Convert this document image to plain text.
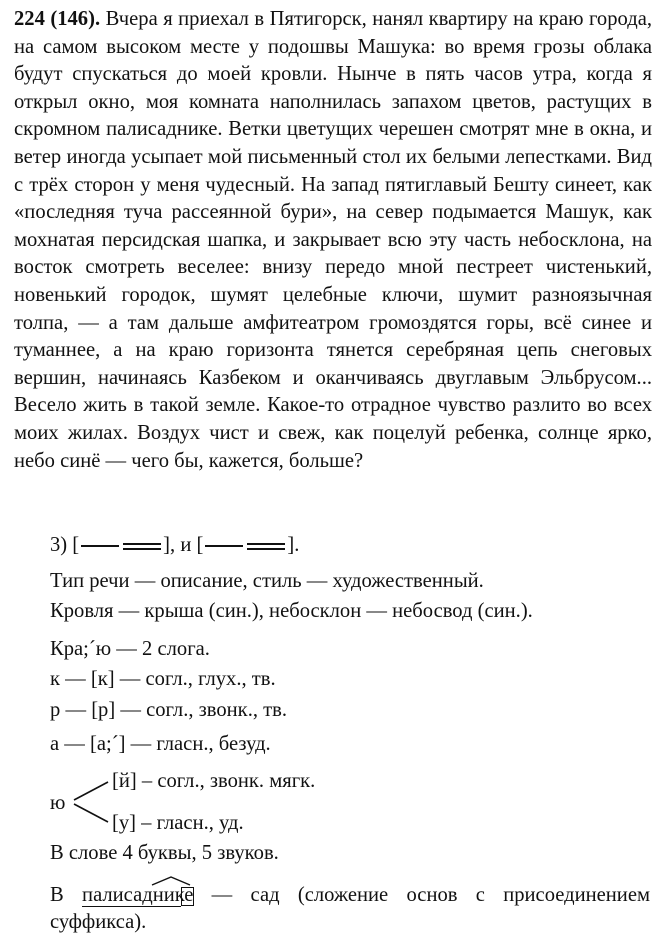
224 (146). Вчера я приехал в Пятигорск, нанял квартиру на краю города, на самом высоком месте у подошвы Машука: во время грозы облака будут спускаться до моей кровли. Нынче в пять часов утра, когда я открыл окно, моя комната наполнилась запахом цветов, растущих в скромном палисаднике. Ветки цветущих черешен смотрят мне в окна, и ветер иногда усыпает мой письменный стол их белыми лепестками. Вид с трёх сторон у меня чудесный. На запад пятиглавый Бешту синеет, как «последняя туча рассеянной бури», на север подымается Машук, как мохнатая персидская шапка, и закрывает всю эту часть небосклона, на восток смотреть веселее: внизу передо мной пестреет чистенький, новенький городок, шумят целебные ключи, шумит разноязычная толпа, — а там дальше амфитеатром громоздятся горы, всё синее и туманнее, а на краю горизонта тянется серебряная цепь снеговых вершин, начинаясь Казбеком и оканчиваясь двуглавым Эльбрусом... Весело жить в такой земле. Какое-то отрадное чувство разлито во всех моих жилах. Воздух чист и свеж, как поцелуй ребенка, солнце ярко, небо синё — чего бы, кажется, больше?

3) [	], и [	].

Тип речи — описание, стиль — художественный.

Кровля — крыша (син.), небосклон — небосвод (син.).

Кра;´ю — 2 слога.

к — [к] — согл., глух., тв.

р — [р] — согл., звонк., тв.

а — [а;´] — гласн., безуд.

ю
[й] – согл., звонк. мягк.
[у] – гласн., уд.

В слове 4 буквы, 5 звуков.

В палисаднике — сад (сложение основ с присоединением суффикса).
